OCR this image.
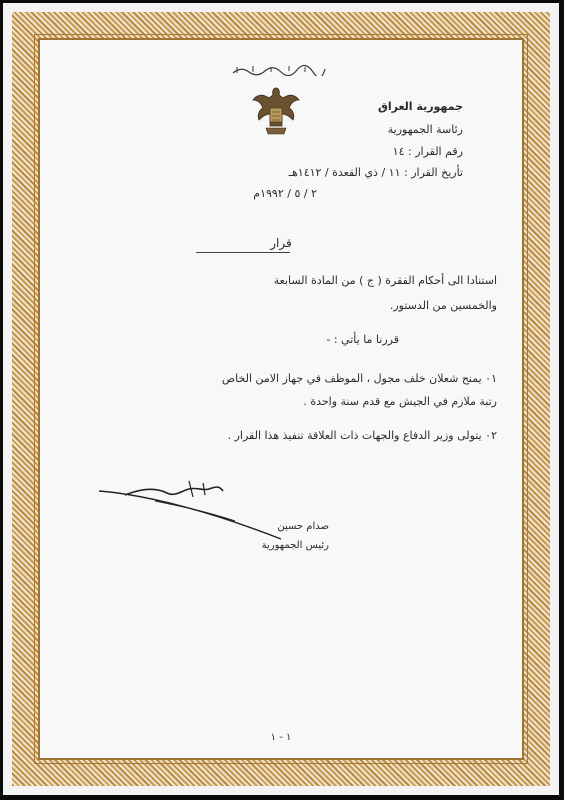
جمهورية العراق
رئاسة الجمهورية
رقم القرار : ١٤
تأريخ القرار : ١١ / ذي القعدة / ١٤١٢هـ
٢ / ٥ / ١٩٩٢م
قرار
استنادا الى أحكام الفقرة ( ج ) من المادة السابعة
والخمسين من الدستور.
قررنا ما يأتي : -
٠١ يمنح شعلان خلف مجول ، الموظف في جهاز الامن الخاص
رتبة ملازم في الجيش مع قدم سنة واحدة .
٠٢ يتولى وزير الدفاع والجهات ذات العلاقة تنفيذ هذا القرار .
صدام حسين
رئيس الجمهورية
١ - ١
